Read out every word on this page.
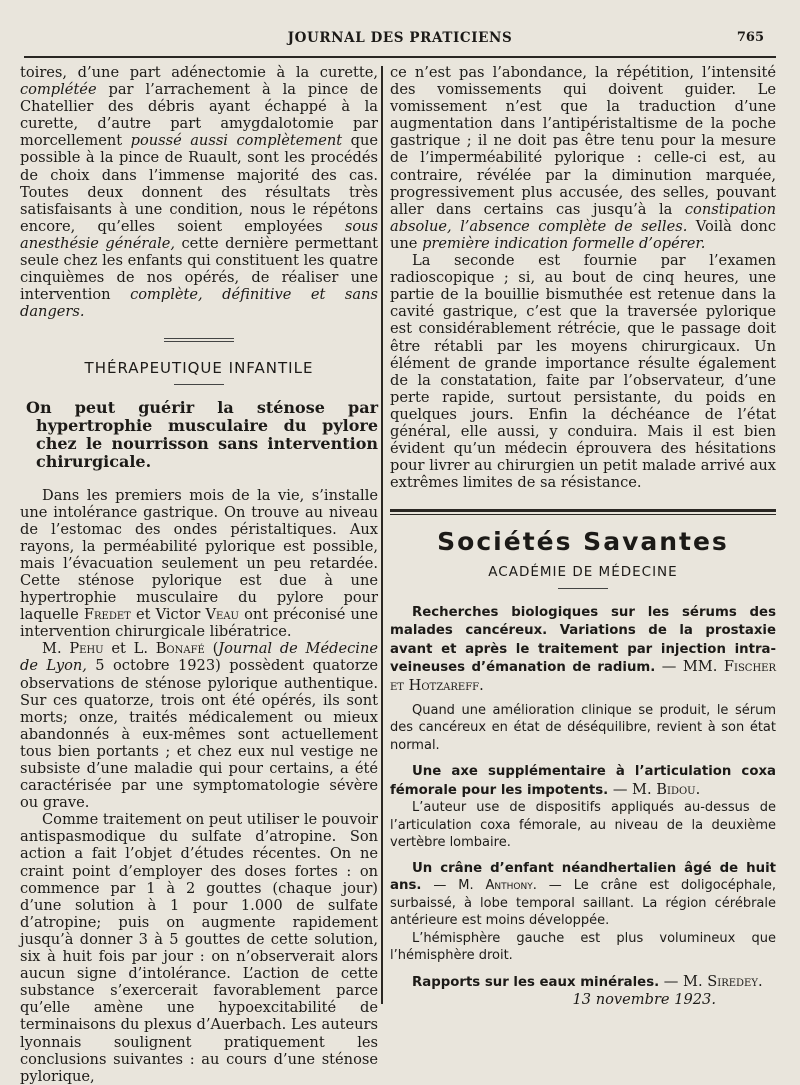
JOURNAL DES PRATICIENS	765

toires, d’une part adénectomie à la curette, complétée par l’arrachement à la pince de Chatellier des débris ayant échappé à la curette, d’autre part amygdalotomie par morcellement poussé aussi complètement que possible à la pince de Ruault, sont les procédés de choix dans l’immense majorité des cas. Toutes deux donnent des résultats très satisfaisants à une condition, nous le répétons encore, qu’elles soient employées sous anesthésie générale, cette dernière permettant seule chez les enfants qui constituent les quatre cinquièmes de nos opérés, de réaliser une intervention complète, définitive et sans dangers.

THÉRAPEUTIQUE INFANTILE
On peut guérir la sténose par hypertrophie musculaire du pylore chez le nourrisson sans intervention chirurgicale.

Dans les premiers mois de la vie, s’installe une intolérance gastrique. On trouve au niveau de l’estomac des ondes péristaltiques. Aux rayons, la perméabilité pylorique est possible, mais l’évacuation seulement un peu retardée. Cette sténose pylorique est due à une hypertrophie musculaire du pylore pour laquelle Fredet et Victor Veau ont préconisé une intervention chirurgicale libératrice.

M. Pehu et L. Bonafé (Journal de Médecine de Lyon, 5 octobre 1923) possèdent quatorze observations de sténose pylorique authentique. Sur ces quatorze, trois ont été opérés, ils sont morts; onze, traités médicalement ou mieux abandonnés à eux-mêmes sont actuellement tous bien portants ; et chez eux nul vestige ne subsiste d’une maladie qui pour certains, a été caractérisée par une symptomatologie sévère ou grave.

Comme traitement on peut utiliser le pouvoir antispasmodique du sulfate d’atropine. Son action a fait l’objet d’études récentes. On ne craint point d’employer des doses fortes : on commence par 1 à 2 gouttes (chaque jour) d’une solution à 1 pour 1.000 de sulfate d’atropine; puis on augmente rapidement jusqu’à donner 3 à 5 gouttes de cette solution, six à huit fois par jour : on n’observerait alors aucun signe d’intolérance. L’action de cette substance s’exercerait favorablement parce qu’elle amène une hypoexcitabilité de terminaisons du plexus d’Auerbach. Les auteurs lyonnais soulignent pratiquement les conclusions suivantes : au cours d’une sténose pylorique,

ce n’est pas l’abondance, la répétition, l’intensité des vomissements qui doivent guider. Le vomissement n’est que la traduction d’une augmentation dans l’antipéristaltisme de la poche gastrique ; il ne doit pas être tenu pour la mesure de l’imperméabilité pylorique : celle-ci est, au contraire, révélée par la diminution marquée, progressivement plus accusée, des selles, pouvant aller dans certains cas jusqu’à la constipation absolue, l’absence complète de selles. Voilà donc une première indication formelle d’opérer.

La seconde est fournie par l’examen radioscopique ; si, au bout de cinq heures, une partie de la bouillie bismuthée est retenue dans la cavité gastrique, c’est que la traversée pylorique est considérablement rétrécie, que le passage doit être rétabli par les moyens chirurgicaux. Un élément de grande importance résulte également de la constatation, faite par l’observateur, d’une perte rapide, surtout persistante, du poids en quelques jours. Enfin la déchéance de l’état général, elle aussi, y conduira. Mais il est bien évident qu’un médecin éprouvera des hésitations pour livrer au chirurgien un petit malade arrivé aux extrêmes limites de sa résistance.

Sociétés Savantes
ACADÉMIE DE MÉDECINE

Recherches biologiques sur les sérums des malades cancéreux. Variations de la prostaxie avant et après le traitement par injection intra-veineuses d’émanation de radium. — MM. Fischer et Hotzareff.

Quand une amélioration clinique se produit, le sérum des cancéreux en état de déséquilibre, revient à son état normal.

Une axe supplémentaire à l’articulation coxa fémorale pour les impotents. — M. Bidou.

L’auteur use de dispositifs appliqués au-dessus de l’articulation coxa fémorale, au niveau de la deuxième vertèbre lombaire.

Un crâne d’enfant néandhertalien âgé de huit ans. — M. Anthony. — Le crâne est doligocéphale, surbaissé, à lobe temporal saillant. La région cérébrale antérieure est moins développée.

L’hémisphère gauche est plus volumineux que l’hémisphère droit.

Rapports sur les eaux minérales. — M. Siredey.

13 novembre 1923.
